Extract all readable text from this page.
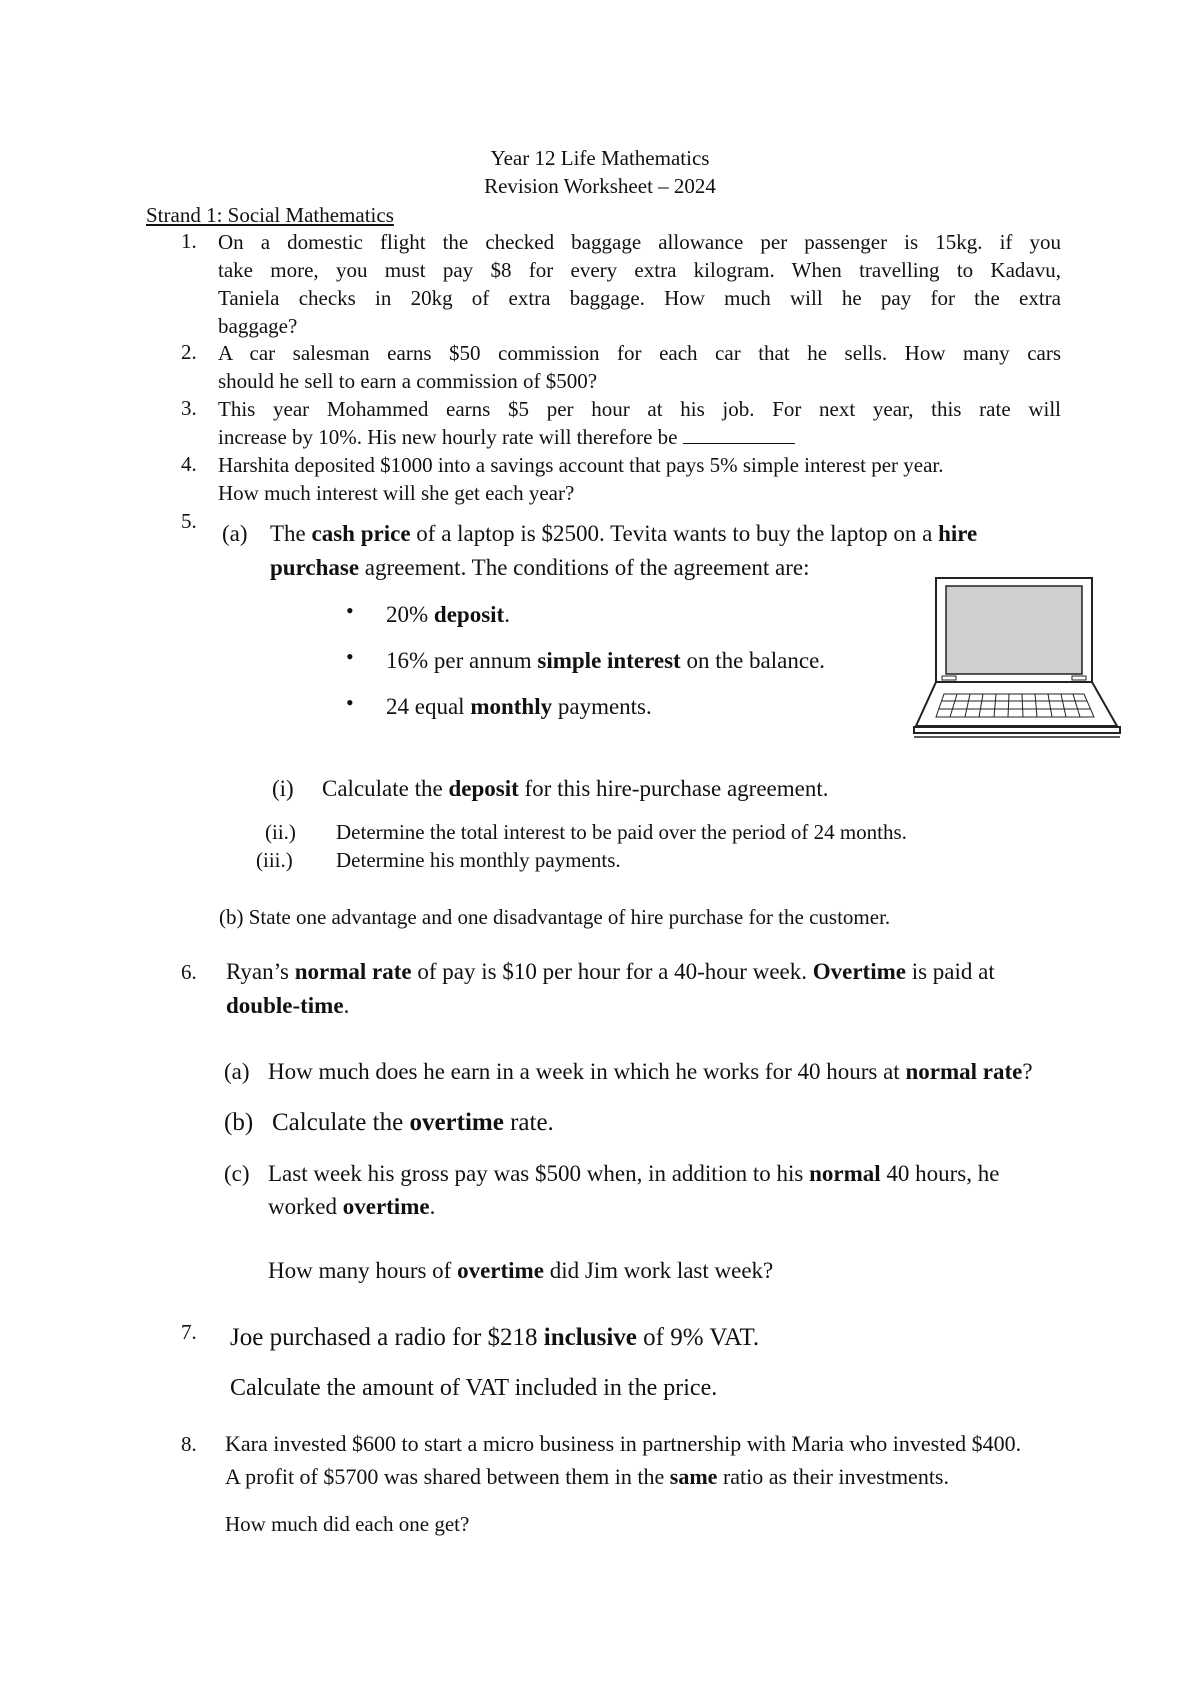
Year 12 Life Mathematics
Revision Worksheet – 2024
Strand 1: Social Mathematics
1. On a domestic flight the checked baggage allowance per passenger is 15kg. if you
take more, you must pay $8 for every extra kilogram. When travelling to Kadavu,
Taniela checks in 20kg of extra baggage. How much will he pay for the extra
baggage?
2. A car salesman earns $50 commission for each car that he sells. How many cars
should he sell to earn a commission of $500?
3. This year Mohammed earns $5 per hour at his job. For next year, this rate will
increase by 10%. His new hourly rate will therefore be
4. Harshita deposited $1000 into a savings account that pays 5% simple interest per year.
How much interest will she get each year?
5. (a) The cash price of a laptop is $2500. Tevita wants to buy the laptop on a hire
purchase agreement. The conditions of the agreement are:
• 20% deposit.
• 16% per annum simple interest on the balance.
• 24 equal monthly payments.
(i) Calculate the deposit for this hire-purchase agreement.
(ii.) Determine the total interest to be paid over the period of 24 months.
(iii.) Determine his monthly payments.
(b) State one advantage and one disadvantage of hire purchase for the customer.
6. Ryan’s normal rate of pay is $10 per hour for a 40-hour week. Overtime is paid at
double-time.
(a) How much does he earn in a week in which he works for 40 hours at normal rate?
(b) Calculate the overtime rate.
(c) Last week his gross pay was $500 when, in addition to his normal 40 hours, he
worked overtime.
How many hours of overtime did Jim work last week?
7. Joe purchased a radio for $218 inclusive of 9% VAT.
Calculate the amount of VAT included in the price.
8. Kara invested $600 to start a micro business in partnership with Maria who invested $400.
A profit of $5700 was shared between them in the same ratio as their investments.
How much did each one get?
